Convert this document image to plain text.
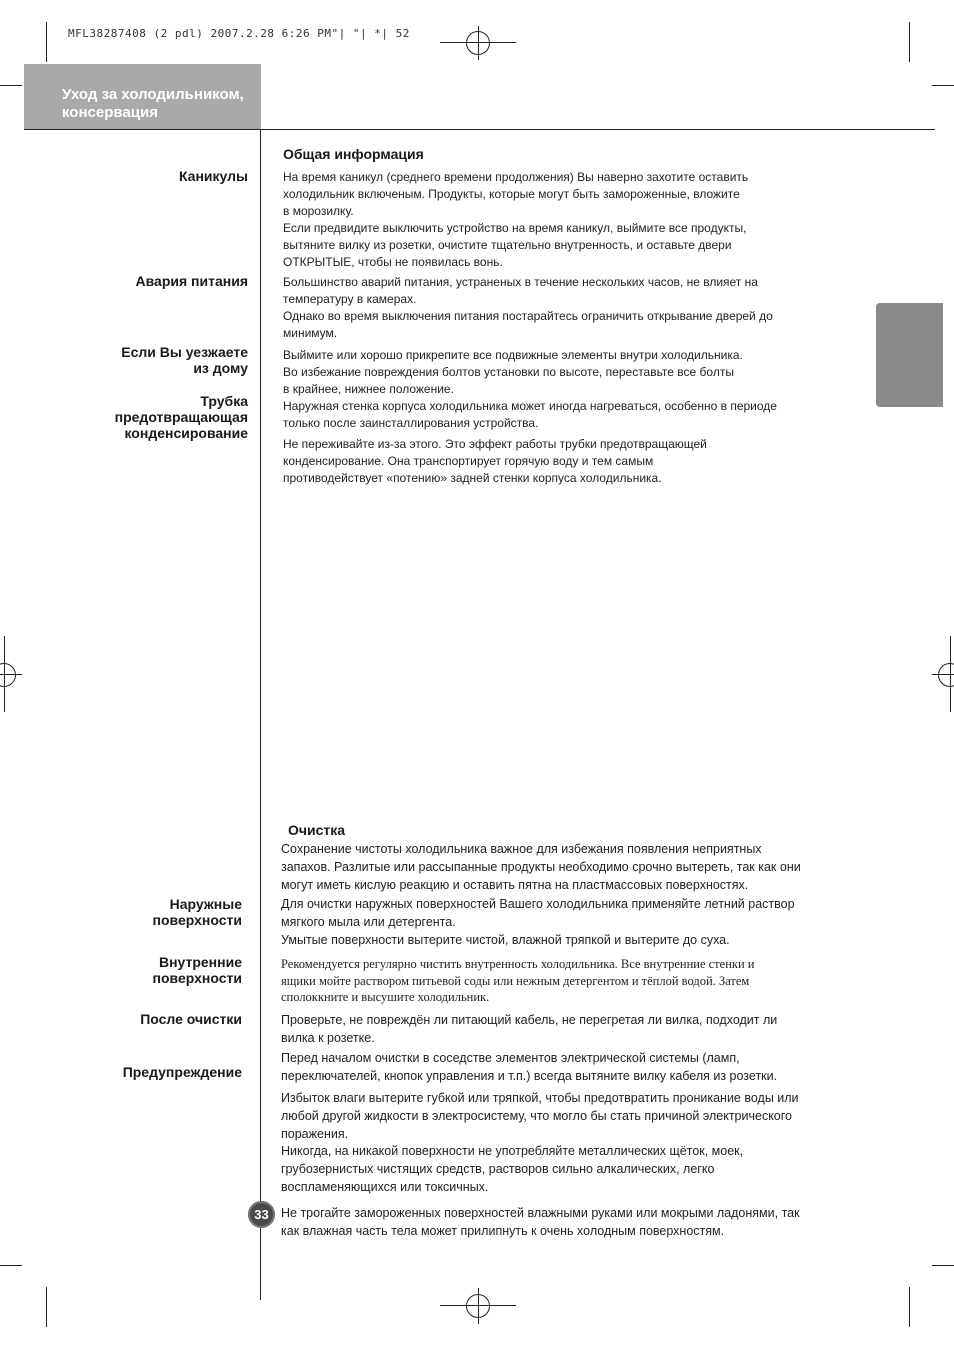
MFL38287408 (2 pdl) 2007.2.28 6:26 PM"| "| *| 52
Уход за холодильником,
консервация
Общая информация
Каникулы	На время каникул (среднего времени продолжения) Вы наверно захотите оставить
холодильник включеным. Продукты, которые могут быть замороженные, вложите
в морозилку.
Если предвидите выключить устройство на время каникул, выймите все продукты,
вытяните вилку из розетки, очистите тщательно внутренность, и оставьте двери
ОТКРЫТЫЕ, чтобы не появилась вонь.
Авария питания	Большинство аварий питания, устраненых в течение нескольких часов, не влияет на
температуру в камерах.
Однако во время выключения питания постарайтесь ограничить открывание дверей до
минимум.
Если Вы уезжаете
из дому
Выймите или хорошо прикрепите все подвижные элементы внутри холодильника.
Во избежание повреждения болтов установки по высоте, переставьте все болты
в крайнее, нижнее положение.
Наружная стенка корпуса холодильника может иногда нагреваться, особенно в периоде
только после заинсталлирования устройства.
Трубка
предотвращающая
конденсирование
Не переживайте из-за этого. Это эффект работы трубки предотвращающей
конденсирование. Она транспортирует горячую воду и тем самым
противодействует «потению» задней стенки корпуса холодильника.
Очистка
Сохранение чистоты холодильника важное для избежания появления неприятных
запахов. Разлитые или рассыпанные продукты необходимо срочно вытереть, так как они
могут иметь кислую реакцию и оставить пятна на пластмассовых поверхностях.
Наружные
поверхности
Для очистки наружных поверхностей Вашего холодильника применяйте летний раствор
мягкого мыла или детергента.
Умытые поверхности вытерите чистой, влажной тряпкой и вытерите до суха.
Внутренние
поверхности
Рекомендуется регулярно чистить внутренность холодильника. Все внутренние стенки и
ящики мойте раствором питьевой соды или нежным детергентом и тёплой водой. Затем
сполоккните и высушите холодильник.
После очистки	Проверьте, не повреждён ли питающий кабель, не перегретая ли вилка, подходит ли
вилка к розетке.
Предупреждение
Перед началом очистки в соседстве элементов электрической системы (ламп,
переключателей, кнопок управления и т.п.) всегда вытяните вилку кабеля из розетки.
Избыток влаги вытерите губкой или тряпкой, чтобы предотвратить проникание воды или
любой другой жидкости в электросистему, что могло бы стать причиной электрического
поражения.
Никогда, на никакой поверхности не употребляйте металлических щёток, моек,
грубозернистых чистящих средств, растворов сильно алкалических, легко
воспламеняющихся или токсичных.
Не трогайте замороженных поверхностей влажными руками или мокрыми ладонями, так
как влажная часть тела может прилипнуть к очень холодным поверхностям.
33
